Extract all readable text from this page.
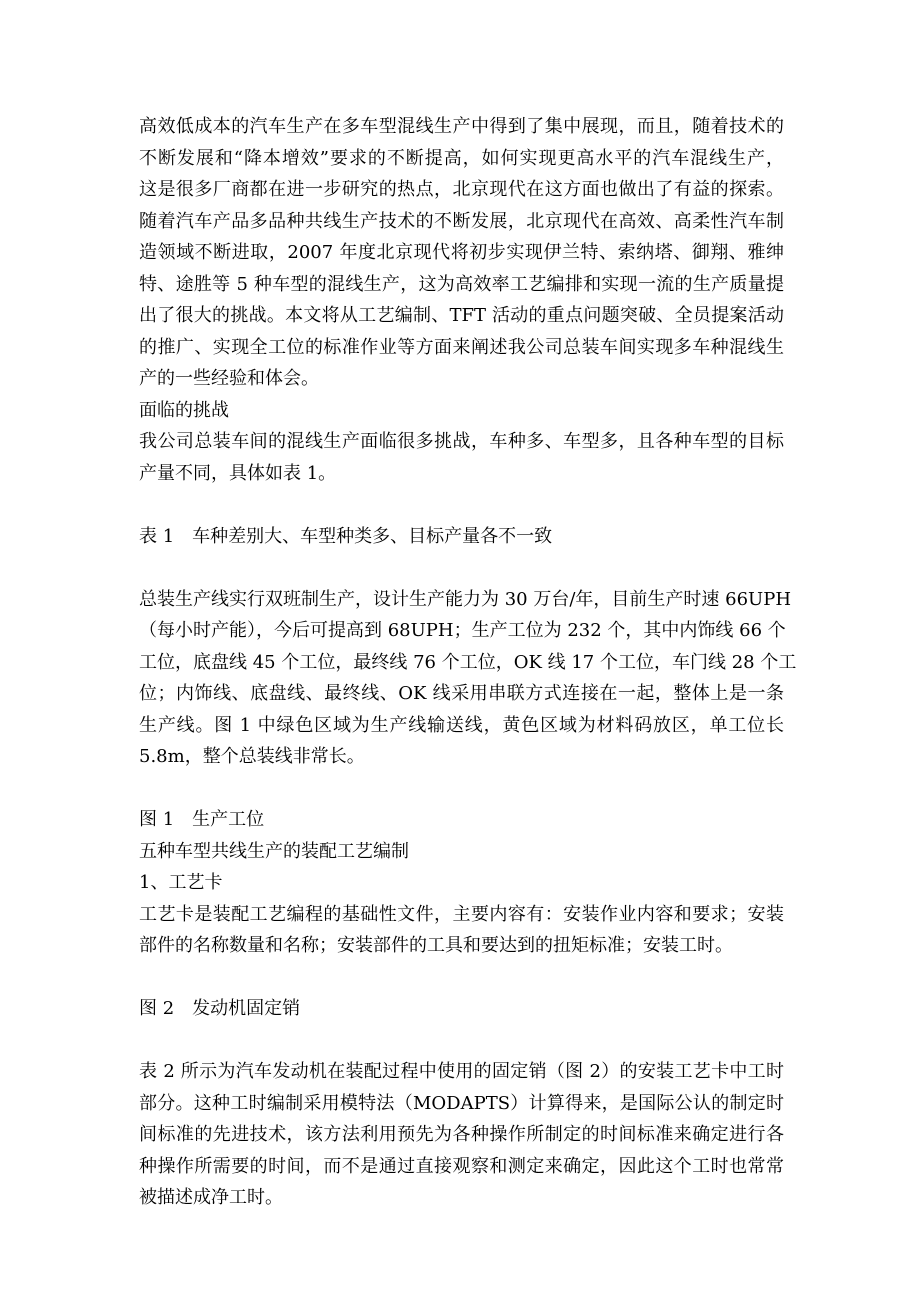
高效低成本的汽车生产在多车型混线生产中得到了集中展现，而且，随着技术的
不断发展和“降本增效”要求的不断提高，如何实现更高水平的汽车混线生产，
这是很多厂商都在进一步研究的热点，北京现代在这方面也做出了有益的探索。
随着汽车产品多品种共线生产技术的不断发展，北京现代在高效、高柔性汽车制
造领域不断进取，2007 年度北京现代将初步实现伊兰特、索纳塔、御翔、雅绅
特、途胜等 5 种车型的混线生产，这为高效率工艺编排和实现一流的生产质量提
出了很大的挑战。本文将从工艺编制、TFT 活动的重点问题突破、全员提案活动
的推广、实现全工位的标准作业等方面来阐述我公司总装车间实现多车种混线生
产的一些经验和体会。

面临的挑战

我公司总装车间的混线生产面临很多挑战，车种多、车型多，且各种车型的目标
产量不同，具体如表 1。

表 1　车种差别大、车型种类多、目标产量各不一致

总装生产线实行双班制生产，设计生产能力为 30 万台/年，目前生产时速 66UPH
（每小时产能），今后可提高到 68UPH；生产工位为 232 个，其中内饰线 66 个
工位，底盘线 45 个工位，最终线 76 个工位，OK 线 17 个工位，车门线 28 个工
位；内饰线、底盘线、最终线、OK 线采用串联方式连接在一起，整体上是一条
生产线。图 1 中绿色区域为生产线输送线，黄色区域为材料码放区，单工位长
5.8m，整个总装线非常长。

图 1　生产工位

五种车型共线生产的装配工艺编制

1、工艺卡

工艺卡是装配工艺编程的基础性文件，主要内容有：安装作业内容和要求；安装
部件的名称数量和名称；安装部件的工具和要达到的扭矩标准；安装工时。

图 2　发动机固定销

表 2 所示为汽车发动机在装配过程中使用的固定销（图 2）的安装工艺卡中工时
部分。这种工时编制采用模特法（MODAPTS）计算得来，是国际公认的制定时
间标准的先进技术，该方法利用预先为各种操作所制定的时间标准来确定进行各
种操作所需要的时间，而不是通过直接观察和测定来确定，因此这个工时也常常
被描述成净工时。
